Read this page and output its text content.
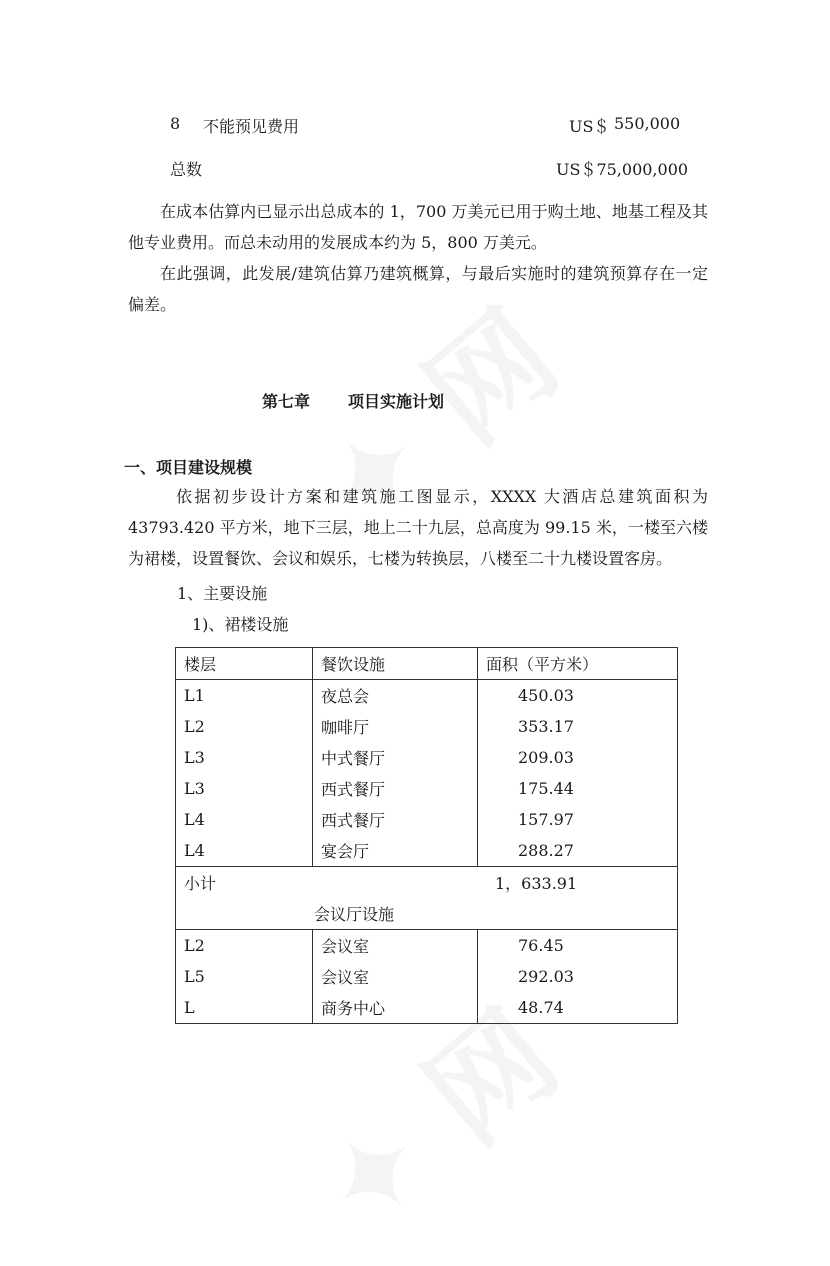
8 不能预见费用	US＄ 550,000
总数	US＄75,000,000
在成本估算内已显示出总成本的 1，700 万美元已用于购土地、地基工程及其他专业费用。而总未动用的发展成本约为 5，800 万美元。
在此强调，此发展/建筑估算乃建筑概算，与最后实施时的建筑预算存在一定偏差。
第七章 项目实施计划
一、项目建设规模
依据初步设计方案和建筑施工图显示，XXXX 大酒店总建筑面积为 43793.420 平方米，地下三层，地上二十九层，总高度为 99.15 米，一楼至六楼为裙楼，设置餐饮、会议和娱乐，七楼为转换层，八楼至二十九楼设置客房。
1、主要设施
1)、裙楼设施
楼层	餐饮设施	面积（平方米）
L1	夜总会	450.03
L2	咖啡厅	353.17
L3	中式餐厅	209.03
L3	西式餐厅	175.44
L4	西式餐厅	157.97
L4	宴会厅	288.27
小计 1，633.91		

会议厅设施		
L2	会议室	76.45
L5	会议室	292.03
L	商务中心	48.74
